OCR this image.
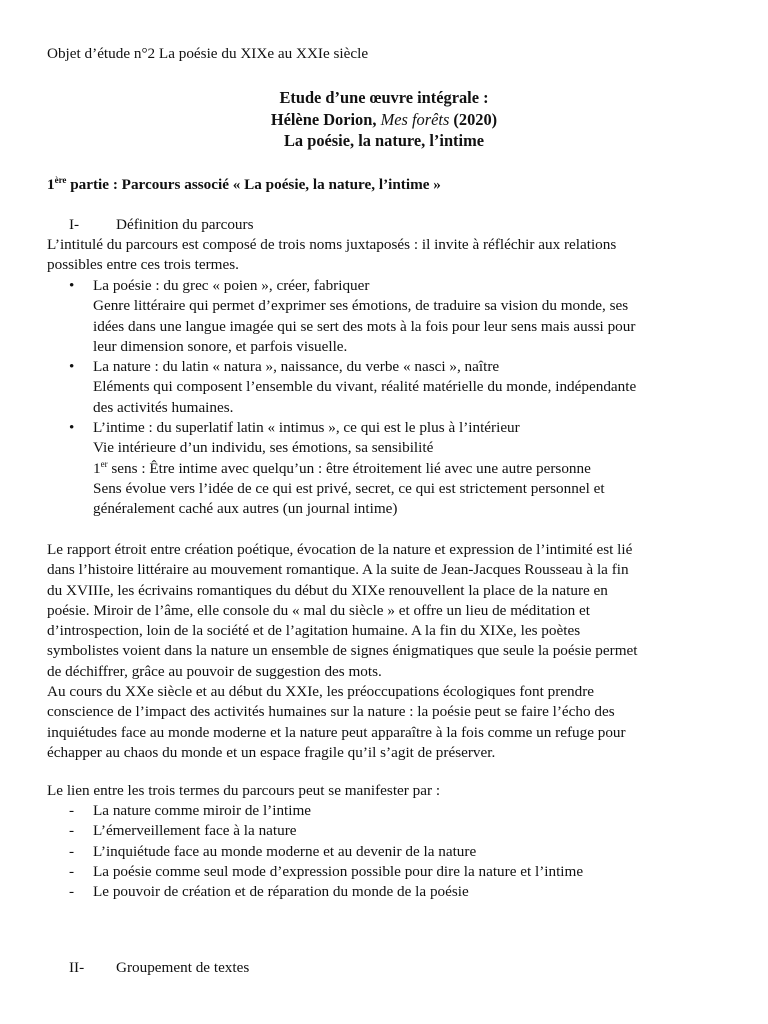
Objet d’étude n°2 La poésie du XIXe au XXIe siècle
Etude d’une œuvre intégrale :
Hélène Dorion, Mes forêts (2020)
La poésie, la nature, l’intime
1ère partie : Parcours associé « La poésie, la nature, l’intime »
I- Définition du parcours

L’intitulé du parcours est composé de trois noms juxtaposés : il invite à réfléchir aux relations

possibles entre ces trois termes.

• La poésie : du grec « poien », créer, fabriquer
Genre littéraire qui permet d’exprimer ses émotions, de traduire sa vision du monde, ses
idées dans une langue imagée qui se sert des mots à la fois pour leur sens mais aussi pour
leur dimension sonore, et parfois visuelle.
• La nature : du latin « natura », naissance, du verbe « nasci », naître
Eléments qui composent l’ensemble du vivant, réalité matérielle du monde, indépendante
des activités humaines.
• L’intime : du superlatif latin « intimus », ce qui est le plus à l’intérieur
Vie intérieure d’un individu, ses émotions, sa sensibilité
1er sens : Être intime avec quelqu’un : être étroitement lié avec une autre personne
Sens évolue vers l’idée de ce qui est privé, secret, ce qui est strictement personnel et
généralement caché aux autres (un journal intime)

Le rapport étroit entre création poétique, évocation de la nature et expression de l’intimité est lié

dans l’histoire littéraire au mouvement romantique. A la suite de Jean-Jacques Rousseau à la fin

du XVIIIe, les écrivains romantiques du début du XIXe renouvellent la place de la nature en

poésie. Miroir de l’âme, elle console du « mal du siècle » et offre un lieu de méditation et

d’introspection, loin de la société et de l’agitation humaine. A la fin du XIXe, les poètes

symbolistes voient dans la nature un ensemble de signes énigmatiques que seule la poésie permet

de déchiffrer, grâce au pouvoir de suggestion des mots.

Au cours du XXe siècle et au début du XXIe, les préoccupations écologiques font prendre

conscience de l’impact des activités humaines sur la nature : la poésie peut se faire l’écho des

inquiétudes face au monde moderne et la nature peut apparaître à la fois comme un refuge pour

échapper au chaos du monde et un espace fragile qu’il s’agit de préserver.

Le lien entre les trois termes du parcours peut se manifester par :
- La nature comme miroir de l’intime
- L’émerveillement face à la nature
- L’inquiétude face au monde moderne et au devenir de la nature
- La poésie comme seul mode d’expression possible pour dire la nature et l’intime
- Le pouvoir de création et de réparation du monde de la poésie
II- Groupement de textes
